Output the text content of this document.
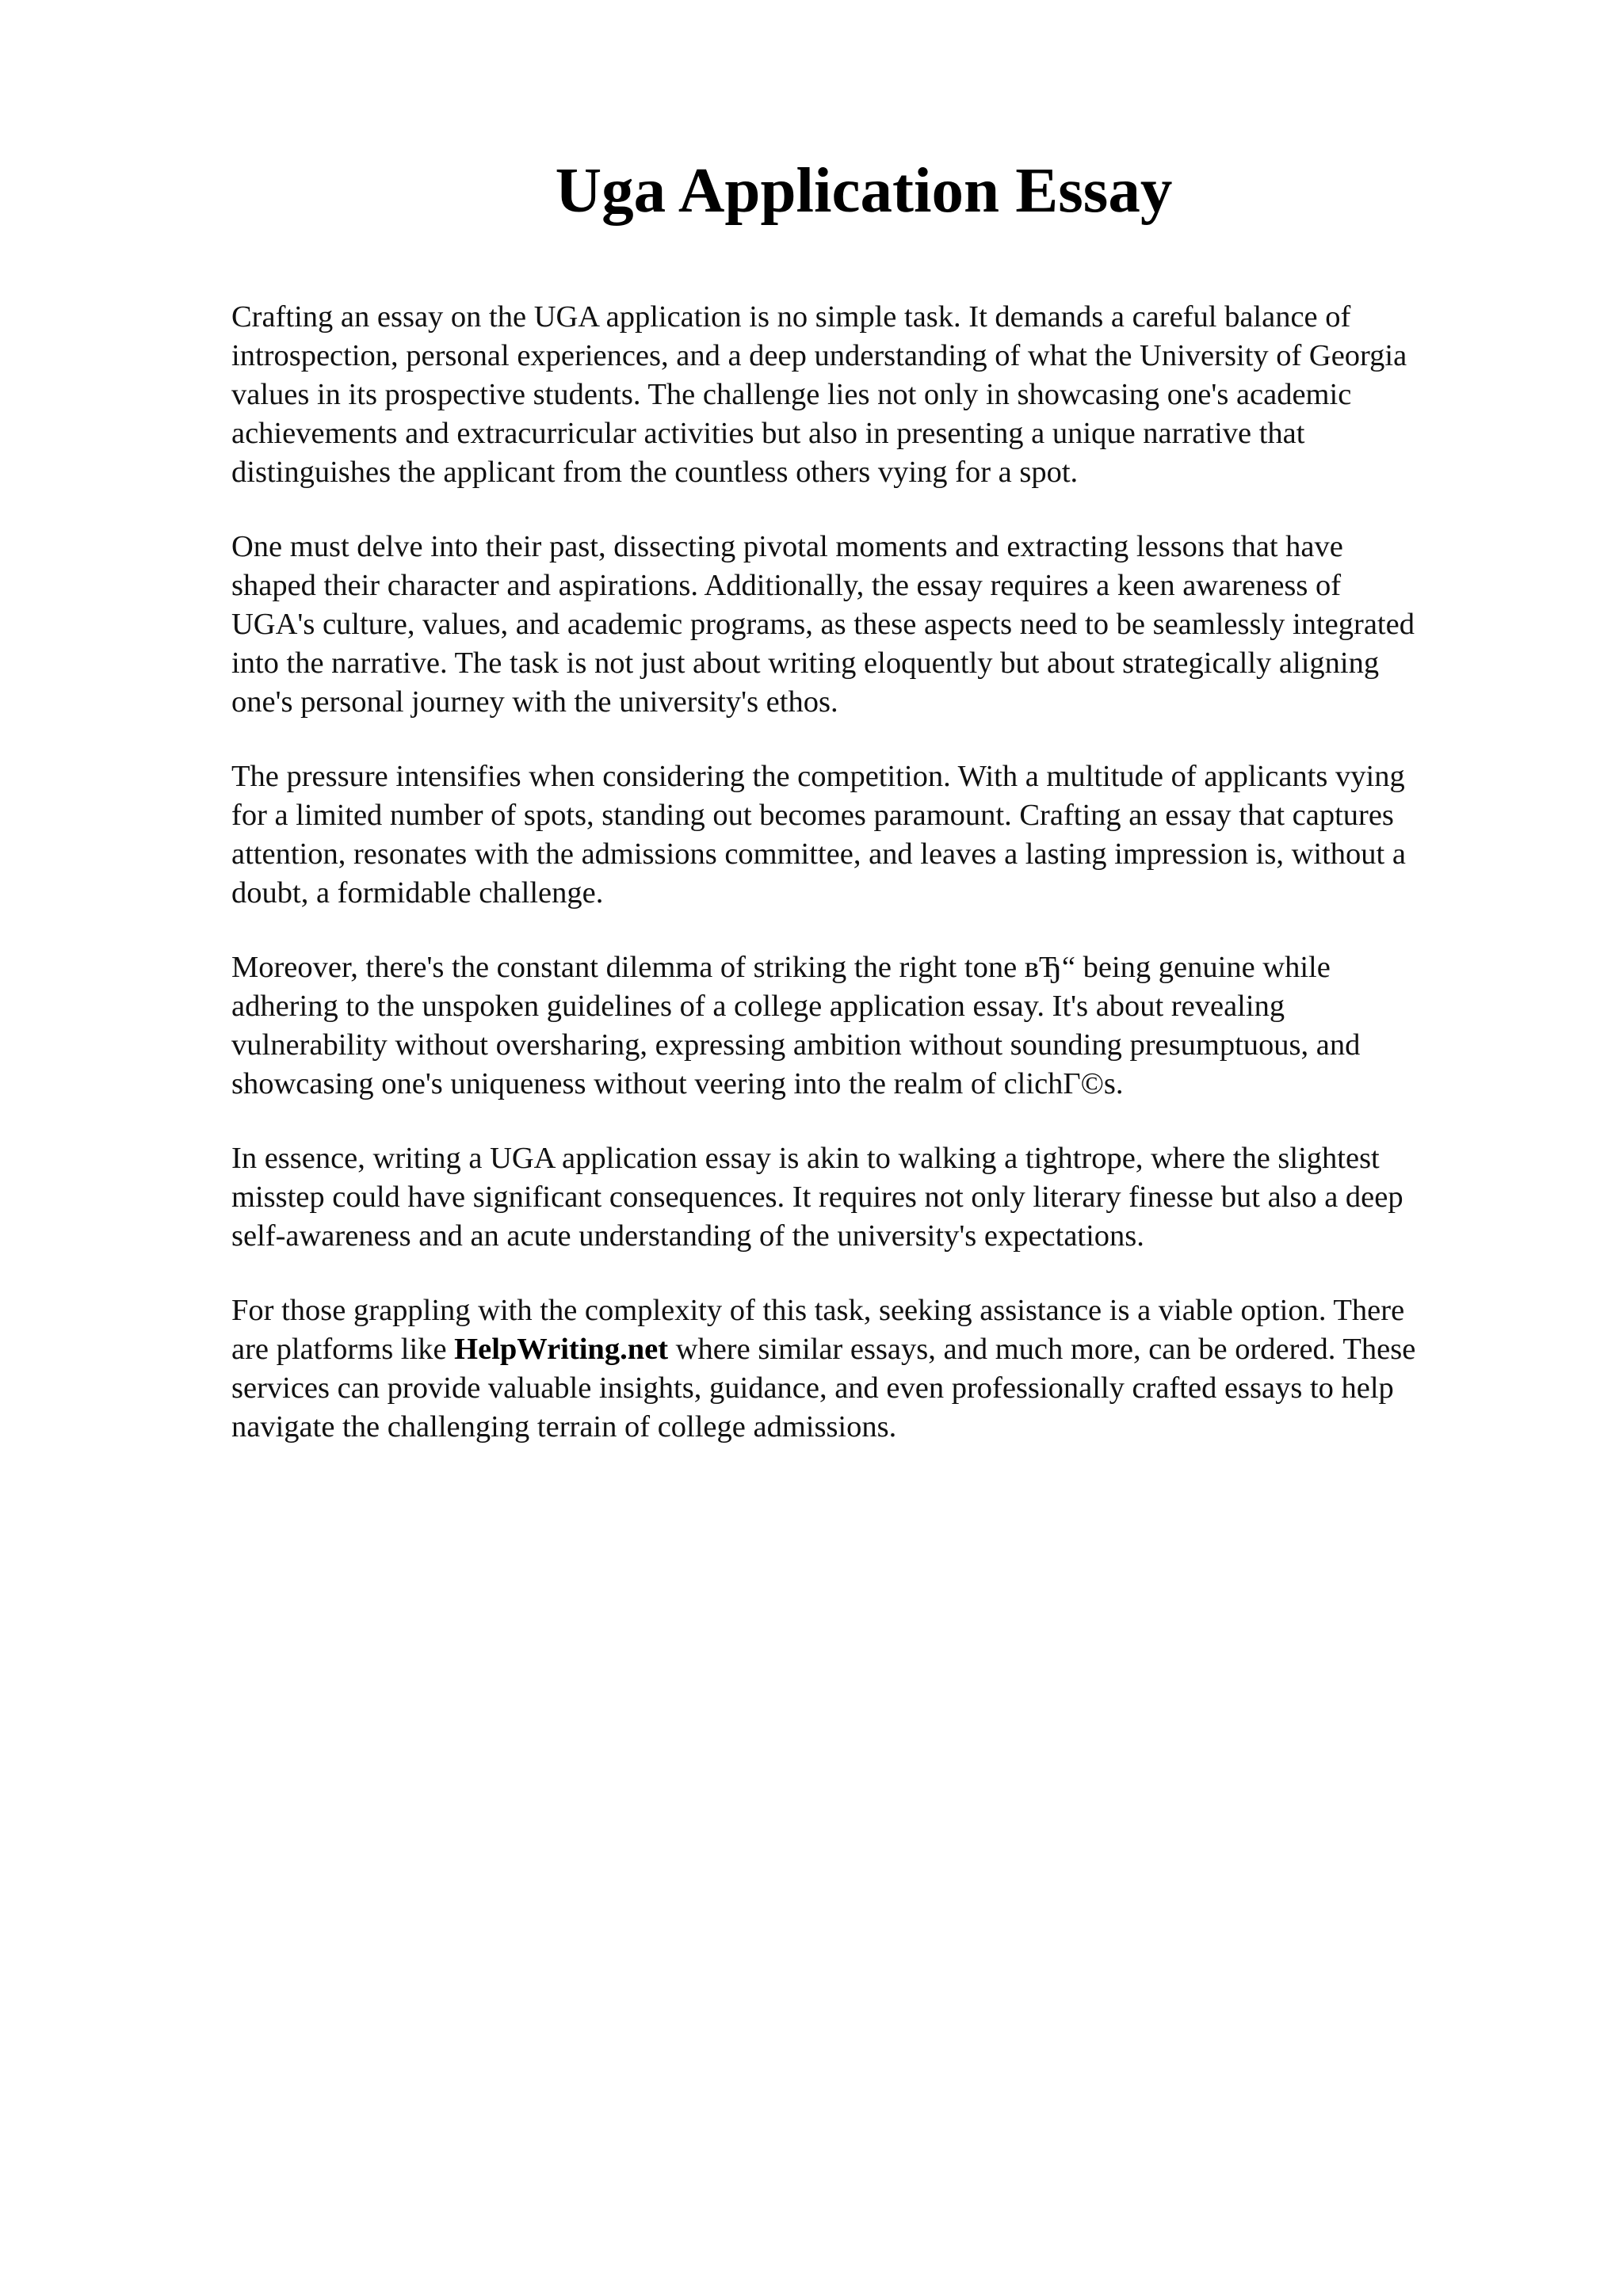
Uga Application Essay

Crafting an essay on the UGA application is no simple task. It demands a careful balance of
introspection, personal experiences, and a deep understanding of what the University of Georgia
values in its prospective students. The challenge lies not only in showcasing one's academic
achievements and extracurricular activities but also in presenting a unique narrative that
distinguishes the applicant from the countless others vying for a spot.

One must delve into their past, dissecting pivotal moments and extracting lessons that have
shaped their character and aspirations. Additionally, the essay requires a keen awareness of
UGA's culture, values, and academic programs, as these aspects need to be seamlessly integrated
into the narrative. The task is not just about writing eloquently but about strategically aligning
one's personal journey with the university's ethos.

The pressure intensifies when considering the competition. With a multitude of applicants vying
for a limited number of spots, standing out becomes paramount. Crafting an essay that captures
attention, resonates with the admissions committee, and leaves a lasting impression is, without a
doubt, a formidable challenge.

Moreover, there's the constant dilemma of striking the right tone вЂ“ being genuine while
adhering to the unspoken guidelines of a college application essay. It's about revealing
vulnerability without oversharing, expressing ambition without sounding presumptuous, and
showcasing one's uniqueness without veering into the realm of clichГ©s.

In essence, writing a UGA application essay is akin to walking a tightrope, where the slightest
misstep could have significant consequences. It requires not only literary finesse but also a deep
self-awareness and an acute understanding of the university's expectations.

For those grappling with the complexity of this task, seeking assistance is a viable option. There
are platforms like HelpWriting.net where similar essays, and much more, can be ordered. These
services can provide valuable insights, guidance, and even professionally crafted essays to help
navigate the challenging terrain of college admissions.
